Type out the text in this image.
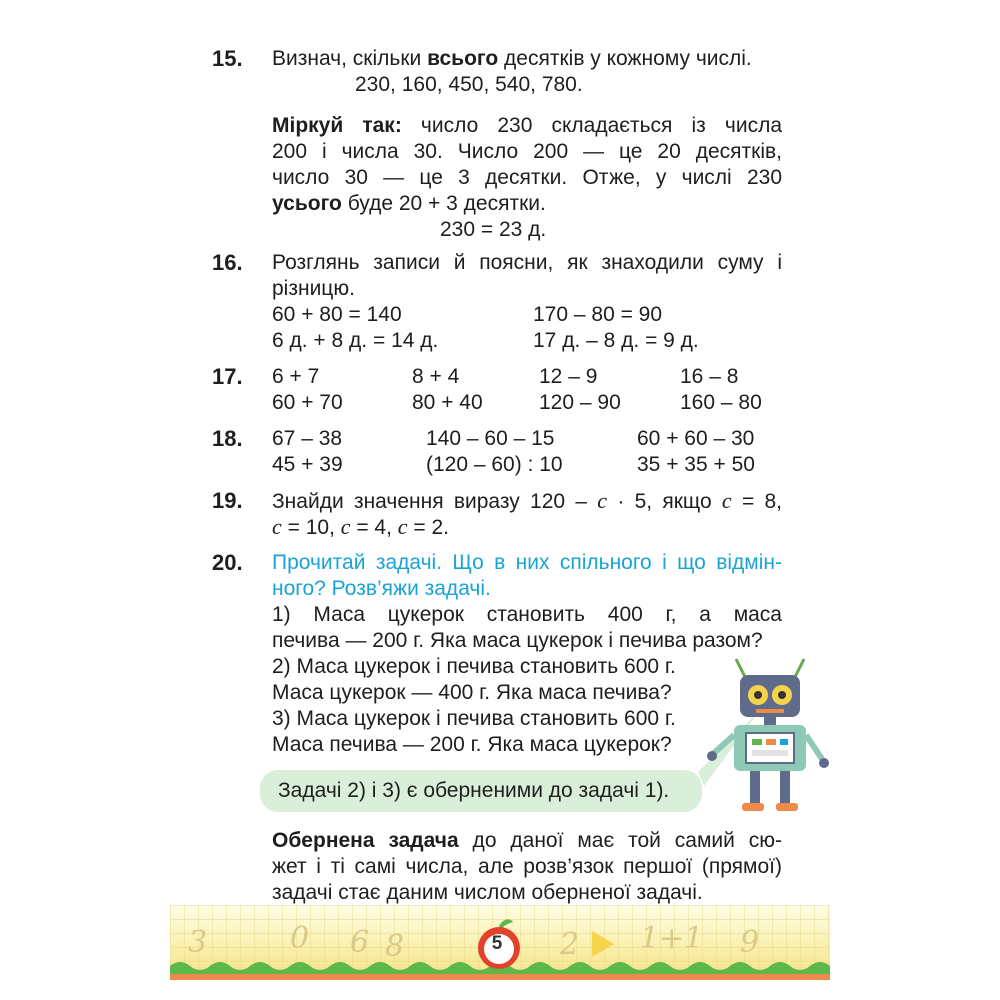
15. Визнач, скільки всього десятків у кожному числі.
230, 160, 450, 540, 780.
Міркуй так: число 230 складається із числа
200 і числа 30. Число 200 — це 20 десятків,
число 30 — це 3 десятки. Отже, у числі 230
усього буде 20 + 3 десятки.
230 = 23 д.
16. Розглянь записи й поясни, як знаходили суму і
різницю.
60 + 80 = 140
6 д. + 8 д. = 14 д.
170 – 80 = 90
17 д. – 8 д. = 9 д.
17. 6 + 7
60 + 70
8 + 4
80 + 40
12 – 9
120 – 90
16 – 8
160 – 80
18. 67 – 38
45 + 39
140 – 60 – 15
(120 – 60) : 10
60 + 60 – 30
35 + 35 + 50
19. Знайди значення виразу 120 – c · 5, якщо c = 8,
c = 10, c = 4, c = 2.
20. Прочитай задачі. Що в них спільного і що відмін-
ного? Розв’яжи задачі.
1) Маса цукерок становить 400 г, а маса
печива — 200 г. Яка маса цукерок і печива разом?
2) Маса цукерок і печива становить 600 г.
Маса цукерок — 400 г. Яка маса печива?
3) Маса цукерок і печива становить 600 г.
Маса печива — 200 г. Яка маса цукерок?
Задачі 2) і 3) є оберненими до задачі 1).
Обернена задача до даної має той самий сю-
жет і ті самі числа, але розв’язок першої (прямої)
задачі стає даним числом оберненої задачі.
3	0 6 8	2 1+1 9
5
